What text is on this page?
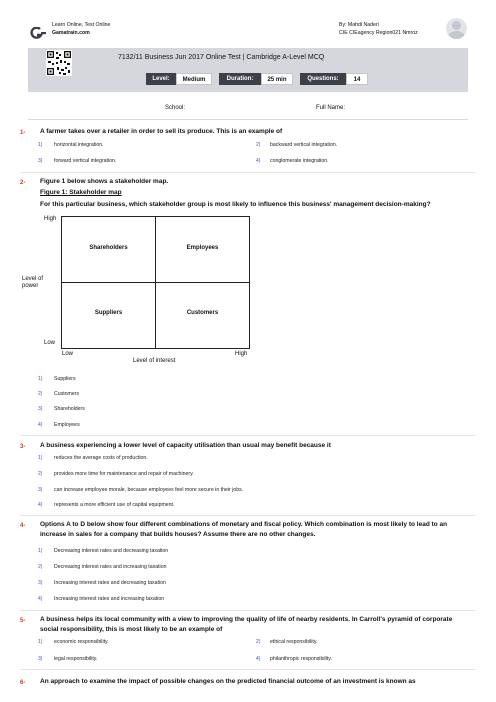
Learn Online, Test Online
Gamatrain.com
By: Mahdi Naderi
CIE CIEagency Region021 Nmroz
7132/11 Business Jun 2017 Online Test | Cambridge A-Level MCQ
Level:	Medium	Duration:	25 min	Questions:	14
School:	Full Name:
1- A farmer takes over a retailer in order to sell its produce. This is an example of
1) horizontal integration.	2) backward vertical integration.
3) forward vertical integration.	4) conglomerate integration.
2- Figure 1 below shows a stakeholder map.
Figure 1: Stakeholder map
For this particular business, which stakeholder group is most likely to influence this business' management decision-making?
High
Low
Level of
power
Low	High
Level of interest
Shareholders	Employees
Suppliers	Customers
1) Suppliers
2) Customers
3) Shareholders
4) Employees
3- A business experiencing a lower level of capacity utilisation than usual may benefit because it
1) reduces the average costs of production.
2) provides more time for maintenance and repair of machinery.
3) can increase employee morale, because employees feel more secure in their jobs.
4) represents a more efficient use of capital equipment.
4- Options A to D below show four different combinations of monetary and fiscal policy. Which combination is most likely to lead to an increase in sales for a company that builds houses? Assume there are no other changes.
1) Decreasing interest rates and decreasing taxation
2) Decreasing interest rates and increasing taxation
3) Increasing interest rates and decreasing taxation
4) Increasing interest rates and increasing taxation
5- A business helps its local community with a view to improving the quality of life of nearby residents. In Carroll's pyramid of corporate social responsibility, this is most likely to be an example of
1) economic responsibility.	2) ethical responsibility.
3) legal responsibility.	4) philanthropic responsibility.
6- An approach to examine the impact of possible changes on the predicted financial outcome of an investment is known as
